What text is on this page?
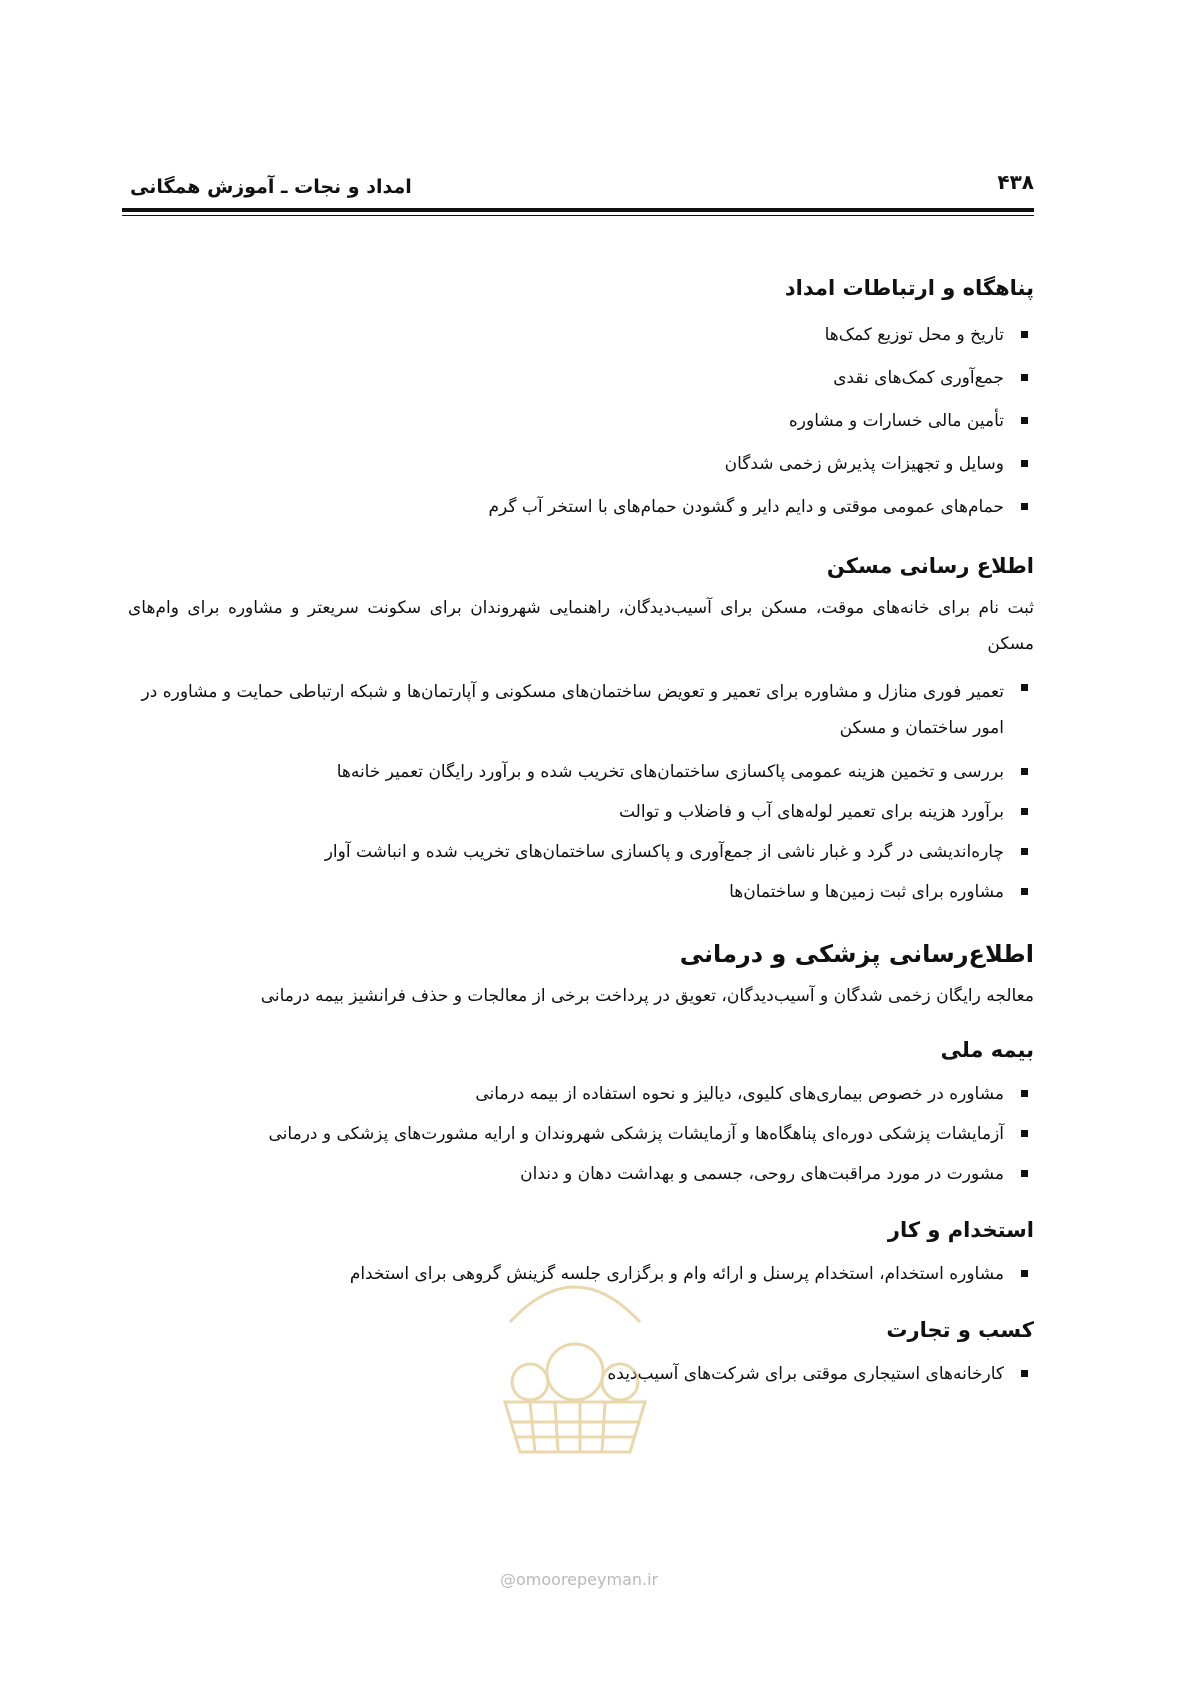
۴۳۸
امداد و نجات ـ آموزش همگانی
پناهگاه و ارتباطات امداد
تاریخ و محل توزیع کمک‌ها
جمع‌آوری کمک‌های نقدی
تأمین مالی خسارات و مشاوره
وسایل و تجهیزات پذیرش زخمی شدگان
حمام‌های عمومی موقتی و دایم دایر و گشودن حمام‌های با استخر آب گرم
اطلاع رسانی مسکن

ثبت نام برای خانه‌های موقت، مسکن برای آسیب‌دیدگان، راهنمایی شهروندان برای سکونت سریعتر و مشاوره برای وام‌های مسکن

تعمیر فوری منازل و مشاوره برای تعمیر و تعویض ساختمان‌های مسکونی و آپارتمان‌ها و شبکه ارتباطی حمایت و مشاوره در امور ساختمان و مسکن
بررسی و تخمین هزینه عمومی پاکسازی ساختمان‌های تخریب شده و برآورد رایگان تعمیر خانه‌ها
برآورد هزینه برای تعمیر لوله‌های آب و فاضلاب و توالت
چاره‌اندیشی در گرد و غبار ناشی از جمع‌آوری و پاکسازی ساختمان‌های تخریب شده و انباشت آوار
مشاوره برای ثبت زمین‌ها و ساختمان‌ها
اطلاع‌رسانی پزشکی و درمانی

معالجه رایگان زخمی شدگان و آسیب‌دیدگان، تعویق در پرداخت برخی از معالجات و حذف فرانشیز بیمه درمانی

بیمه ملی
مشاوره در خصوص بیماری‌های کلیوی، دیالیز و نحوه استفاده از بیمه درمانی
آزمایشات پزشکی دوره‌ای پناهگاه‌ها و آزمایشات پزشکی شهروندان و ارایه مشورت‌های پزشکی و درمانی
مشورت در مورد مراقبت‌های روحی، جسمی و بهداشت دهان و دندان
استخدام و کار
مشاوره استخدام، استخدام پرسنل و ارائه وام و برگزاری جلسه گزینش گروهی برای استخدام
کسب و تجارت
کارخانه‌های استیجاری موقتی برای شرکت‌های آسیب‌دیده
@omoorepeyman.ir
